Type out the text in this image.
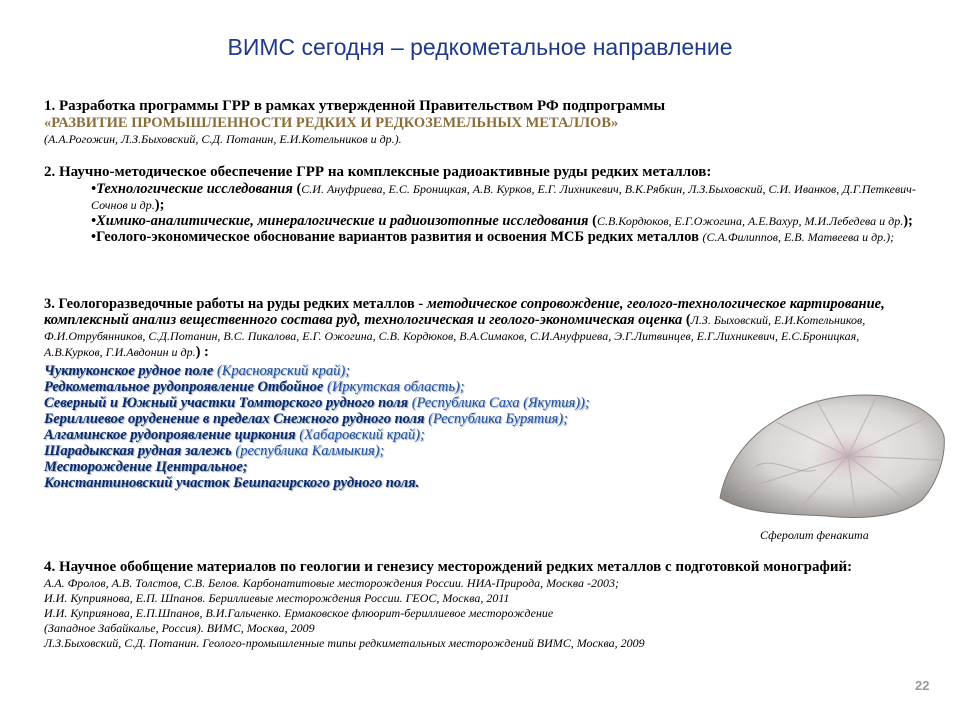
ВИМС сегодня – редкометальное направление

1. Разработка программы ГРР в рамках утвержденной Правительством РФ подпрограммы

«РАЗВИТИЕ ПРОМЫШЛЕННОСТИ РЕДКИХ И РЕДКОЗЕМЕЛЬНЫХ МЕТАЛЛОВ»
(А.А.Рогожин, Л.З.Быховский, С.Д. Потанин, Е.И.Котельников и др.).

2. Научно-методическое обеспечение ГРР на комплексные радиоактивные руды редких металлов:

•Технологические исследования (С.И. Ануфриева, Е.С. Броницкая, А.В. Курков, Е.Г. Лихникевич, В.К.Рябкин, Л.З.Быховский, С.И. Иванков, Д.Г.Петкевич-Сочнов и др.);
•Химико-аналитические, минералогические и радиоизотопные исследования (С.В.Кордюков, Е.Г.Ожогина, А.Е.Вахур, М.И.Лебедева и др.);
•Геолого-экономическое обоснование вариантов развития и освоения МСБ редких металлов (С.А.Филиппов, Е.В. Матвеева и др.);
3. Геологоразведочные работы на руды редких металлов - методическое сопровождение, геолого-технологическое картирование, комплексный анализ вещественного состава руд, технологическая и геолого-экономическая оценка (Л.З. Быховский, Е.И.Котельников, Ф.И.Отрубянников, С.Д.Потанин, В.С. Пикалова, Е.Г. Ожогина, С.В. Кордюков, В.А.Симаков, С.И.Ануфриева, Э.Г.Литвинцев, Е.Г.Лихникевич, Е.С.Броницкая, А.В.Курков, Г.И.Авдонин и др.) :

Чуктуконское рудное поле (Красноярский край);

Редкометальное рудопроявление Отбойное (Иркутская область);

Северный и Южный участки Томторского рудного поля (Республика Саха (Якутия));

Бериллиевое оруденение в пределах Снежного рудного поля (Республика Бурятия);

Алгаминское рудопроявление циркония (Хабаровский край);

Шарадыкская рудная залежь (республика Калмыкия);

Месторождение Центральное;

Константиновский участок Бешпагирского рудного поля.

Сферолит фенакита

4. Научное обобщение материалов по геологии и генезису месторождений редких металлов с подготовкой монографий:

А.А. Фролов, А.В. Толстов, С.В. Белов. Карбонатитовые месторождения России. НИА-Природа, Москва -2003;

И.И. Куприянова, Е.П. Шпанов. Бериллиевые месторождения России. ГЕОС, Москва, 2011

И.И. Куприянова, Е.П.Шпанов, В.И.Гальченко. Ермаковское флюорит-бериллиевое месторождение

(Западное Забайкалье, Россия). ВИМС, Москва, 2009

Л.З.Быховский, С.Д. Потанин. Геолого-промышленные типы редкиметальных месторождений ВИМС, Москва, 2009

22
